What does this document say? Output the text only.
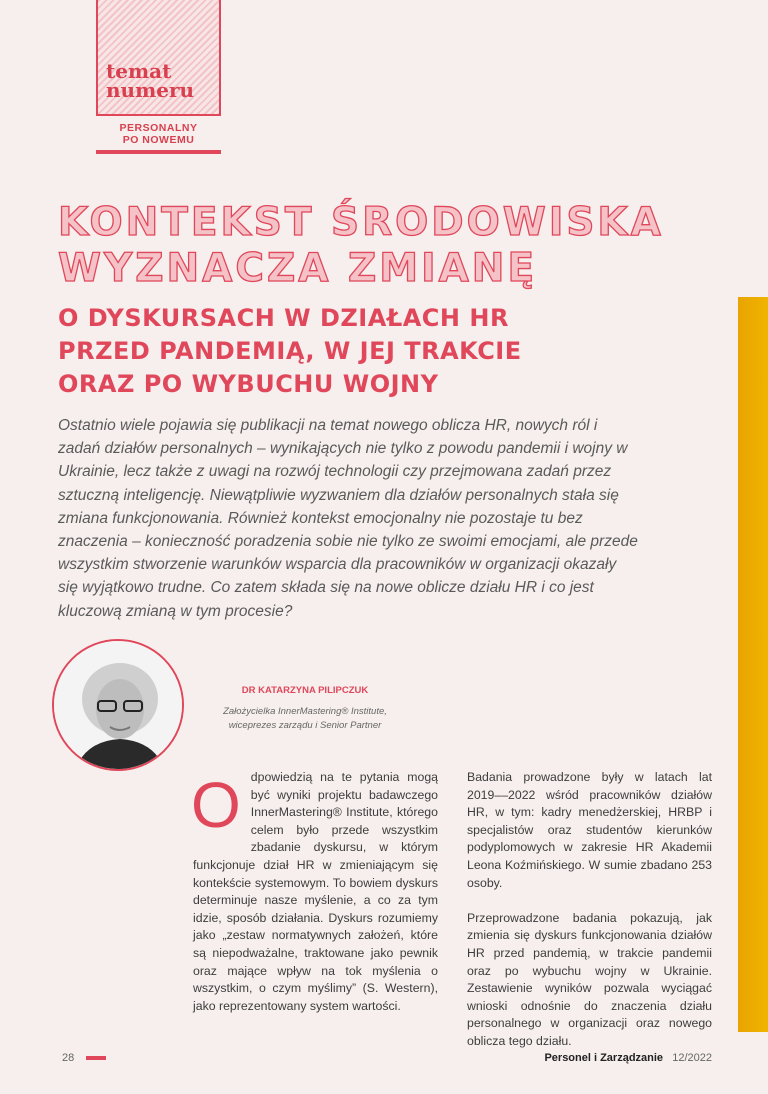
temat
numeru
PERSONALNY
PO NOWEMU
KONTEKST ŚRODOWISKA
WYZNACZA ZMIANĘ
O DYSKURSACH W DZIAŁACH HR
PRZED PANDEMIĄ, W JEJ TRAKCIE
ORAZ PO WYBUCHU WOJNY

Ostatnio wiele pojawia się publikacji na temat nowego oblicza HR, nowych ról i zadań działów personalnych – wynikających nie tylko z powodu pandemii i wojny w Ukrainie, lecz także z uwagi na rozwój technologii czy przejmowana zadań przez sztuczną inteligencję. Niewątpliwie wyzwaniem dla działów personalnych stała się zmiana funkcjonowania. Również kontekst emocjonalny nie pozostaje tu bez znaczenia – konieczność poradzenia sobie nie tylko ze swoimi emocjami, ale przede wszystkim stworzenie warunków wsparcia dla pracowników w organizacji okazały się wyjątkowo trudne. Co zatem składa się na nowe oblicze działu HR i co jest kluczową zmianą w tym procesie?

DR KATARZYNA PILIPCZUK
Założycielka InnerMastering® Institute,
wiceprezes zarządu i Senior Partner

Odpowiedzią na te pytania mogą być wyniki projektu badawczego InnerMastering® Institute, którego celem było przede wszystkim zbadanie dyskursu, w którym funkcjonuje dział HR w zmieniającym się kontekście systemowym. To bowiem dyskurs determinuje nasze myślenie, a co za tym idzie, sposób działania. Dyskurs rozumiemy jako „zestaw normatywnych założeń, które są niepodważalne, traktowane jako pewnik oraz mające wpływ na tok myślenia o wszystkim, o czym myślimy” (S. Western), jako reprezentowany system wartości.

Badania prowadzone były w latach lat 2019––2022 wśród pracowników działów HR, w tym: kadry menedżerskiej, HRBP i specjalistów oraz studentów kierunków podyplomowych w zakresie HR Akademii Leona Koźmińskiego. W sumie zbadano 253 osoby.

Przeprowadzone badania pokazują, jak zmienia się dyskurs funkcjonowania działów HR przed pandemią, w trakcie pandemii oraz po wybuchu wojny w Ukrainie. Zestawienie wyników pozwala wyciągać wnioski odnośnie do znaczenia działu personalnego w organizacji oraz nowego oblicza tego działu.

28	Personel i Zarządzanie 12/2022
